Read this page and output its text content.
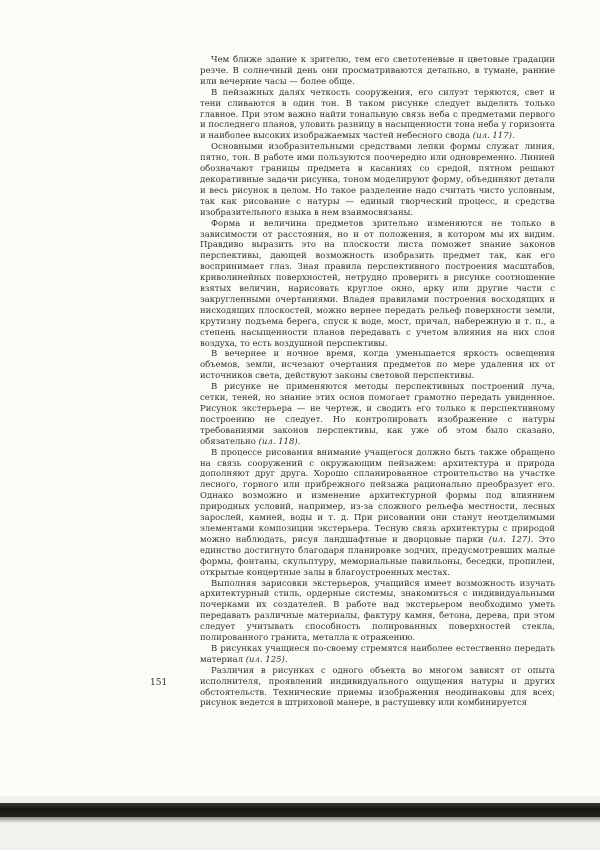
Чем ближе здание к зрителю, тем его светотеневые и цветовые градации резче. В солнечный день они просматриваются детально, в тумане, ранние или вечерние часы — более обще.

В пейзажных далях четкость сооружения, его силуэт теряются, свет и тени сливаются в один тон. В таком рисунке следует выделять только главное. При этом важно найти тональную связь неба с предметами первого и последнего планов, уловить разницу в насыщенности тона неба у горизонта и наиболее высоких изображаемых частей небесного свода (ил. 117).

Основными изобразительными средствами лепки формы служат линия, пятно, тон. В работе ими пользуются поочередно или одновременно. Линией обозначают границы предмета в касаниях со средой, пятном решают декоративные задачи рисунка, тоном моделируют форму, объединяют детали и весь рисунок в целом. Но такое разделение надо считать чисто условным, так как рисование с натуры — единый творческий процесс, и средства изобразительного языка в нем взаимосвязаны.

Форма и величина предметов зрительно изменяются не только в зависимости от расстояния, но и от положения, в котором мы их видим. Правдиво выразить это на плоскости листа поможет знание законов перспективы, дающей возможность изобразить предмет так, как его воспринимает глаз. Зная правила перспективного построения масштабов, криволинейных поверхностей, нетрудно проверить в рисунке соотношение взятых величин, нарисовать круглое окно, арку или другие части с закругленными очертаниями. Владея правилами построения восходящих и нисходящих плоскостей, можно вернее передать рельеф поверхности земли, крутизну подъема берега, спуск к воде, мост, причал, набережную и т. п., а степень насыщенности планов передавать с учетом влияния на них слоя воздуха, то есть воздушной перспективы.

В вечернее и ночное время, когда уменьшается яркость освещения объемов, земли, исчезают очертания предметов по мере удаления их от источников света, действуют законы световой перспективы.

В рисунке не применяются методы перспективных построений луча, сетки, теней, но знание этих основ помогает грамотно передать увиденное. Рисунок экстерьера — не чертеж, и сводить его только к перспективному построению не следует. Но контролировать изображение с натуры требованиями законов перспективы, как уже об этом было сказано, обязательно (ил. 118).

В процессе рисования внимание учащегося должно быть также обращено на связь сооружений с окружающим пейзажем: архитектура и природа дополняют друг друга. Хорошо спланированное строительство на участке лесного, горного или прибрежного пейзажа рационально преобразует его. Однако возможно и изменение архитектурной формы под влиянием природных условий, например, из-за сложного рельефа местности, лесных зарослей, камней, воды и т. д. При рисовании они станут неотделимыми элементами композиции экстерьера. Тесную связь архитектуры с природой можно наблюдать, рисуя ландшафтные и дворцовые парки (ил. 127). Это единство достигнуто благодаря планировке зодчих, предусмотревших малые формы, фонтаны, скульптуру, мемориальные павильоны, беседки, пропилеи, открытые концертные залы в благоустроенных местах.

Выполняя зарисовки экстерьеров, учащийся имеет возможность изучать архитектурный стиль, ордерные системы, знакомиться с индивидуальными почерками их создателей. В работе над экстерьером необходимо уметь передавать различные материалы, фактуру камня, бетона, дерева, при этом следует учитывать способность полированных поверхностей стекла, полированного гранита, металла к отражению.

В рисунках учащиеся по-своему стремятся наиболее естественно передать материал (ил. 125).

Различия в рисунках с одного объекта во многом зависят от опыта исполнителя, проявлений индивидуального ощущения натуры и других обстоятельств. Технические приемы изображения неодинаковы для всех; рисунок ведется в штриховой манере, в растушевку или комбинируется

151
